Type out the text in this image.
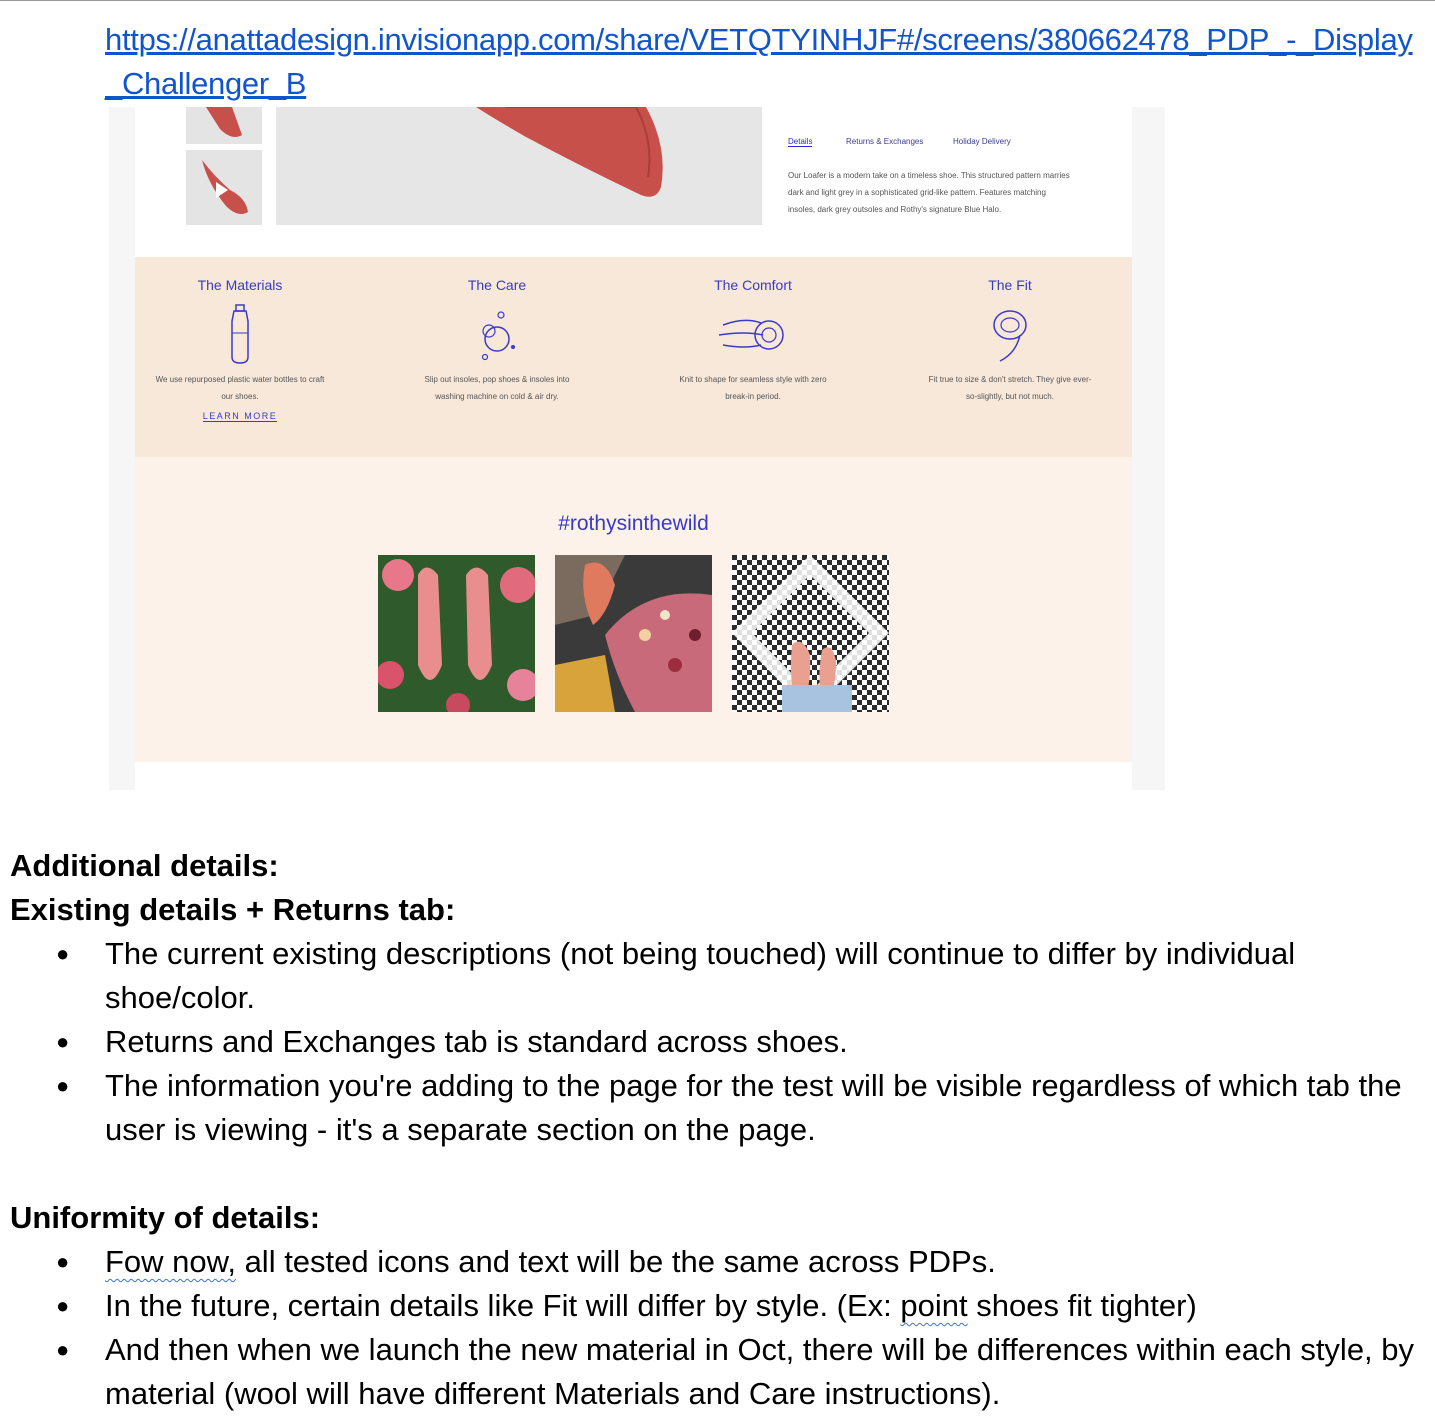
https://anattadesign.invisionapp.com/share/VETQTYINHJF#/screens/380662478_PDP_-_Display_Challenger_B
Details	Returns & Exchanges	Holiday Delivery
Our Loafer is a modern take on a timeless shoe. This structured pattern marries dark and light grey in a sophisticated grid-like pattern. Features matching insoles, dark grey outsoles and Rothy's signature Blue Halo.
The Materials
We use repurposed plastic water bottles to craft our shoes.
LEARN MORE
The Care
Slip out insoles, pop shoes & insoles into washing machine on cold & air dry.
The Comfort
Knit to shape for seamless style with zero break-in period.
The Fit
Fit true to size & don't stretch. They give ever-so-slightly, but not much.
#rothysinthewild
Additional details:
Existing details + Returns tab:
● The current existing descriptions (not being touched) will continue to differ by individual shoe/color.
● Returns and Exchanges tab is standard across shoes.
● The information you're adding to the page for the test will be visible regardless of which tab the user is viewing - it's a separate section on the page.
Uniformity of details:
● Fow now, all tested icons and text will be the same across PDPs.
● In the future, certain details like Fit will differ by style. (Ex: point shoes fit tighter)
● And then when we launch the new material in Oct, there will be differences within each style, by material (wool will have different Materials and Care instructions).
